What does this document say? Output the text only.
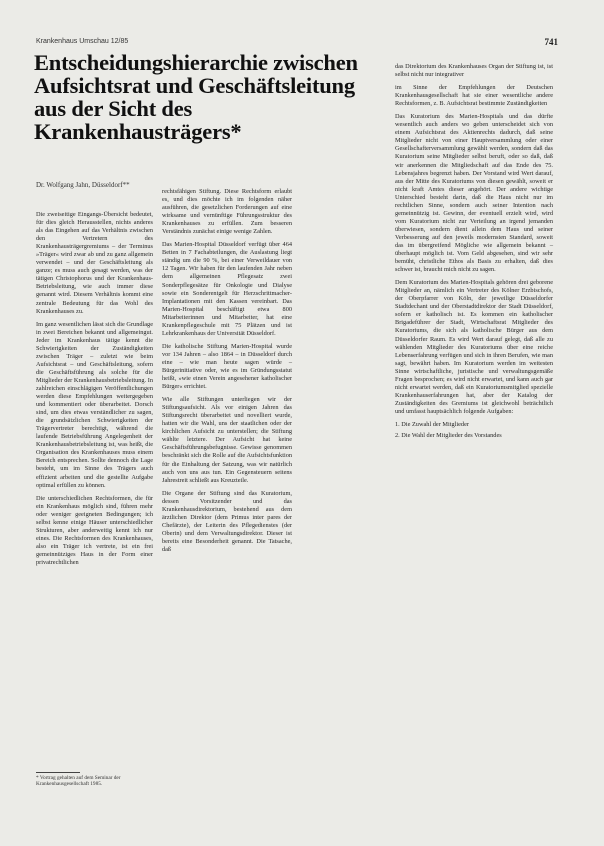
Krankenhaus Umschau 12/85	741
Entscheidungshierarchie zwischen Aufsichtsrat und Geschäftsleitung aus der Sicht des Krankenhausträgers*
Dr. Wolfgang Jahn, Düsseldorf**

Die zweiseitige Eingangs-Übersicht bedeutet, für dies gleich Herausstellen, nichts anderes als das Eingehen auf das Verhältnis zwischen den Vertretern des Krankenhausträgergremiums – der Terminus »Träger« wird zwar ab und zu ganz allgemein verwendet – und der Geschäftsleitung als ganze; es muss auch gesagt werden, was der tätigen Christophorus und der Krankenhaus-Betriebsleitung, wie auch immer diese genannt wird. Diesem Verhältnis kommt eine zentrale Bedeutung für das Wohl des Krankenhauses zu.

Im ganz wesentlichen lässt sich die Grundlage in zwei Bereichen bekannt und allgemeingut. Jeder im Krankenhaus tätige kennt die Schwierigkeiten der Zuständigkeiten zwischen Träger – zuletzt wie beim Aufsichtsrat – und Geschäftsleitung, sofern die Geschäftsführung als solche für die Mitglieder der Krankenhausbetriebsleitung. In zahlreichen einschlägigen Veröffentlichungen werden diese Empfehlungen weitergegeben und kommentiert oder überarbeitet. Dorsch sind, um dies etwas verständlicher zu sagen, die grundsätzlichen Schwierigkeiten der Trägervertreter berechtigt, während die laufende Betriebsführung Angelegenheit der Krankenhausbetriebsleitung ist, was heißt, die Organisation des Krankenhauses muss einem Bereich entsprechen. Sollte dennoch die Lage besteht, um im Sinne des Trägers auch effizient arbeiten und die gestellte Aufgabe optimal erfüllen zu können.

Die unterschiedlichen Rechtsformen, die für ein Krankenhaus möglich sind, führen mehr oder weniger geeigneten Bedingungen; ich selbst kenne einige Häuser unterschiedlicher Strukturen, aber anderweitig kennt ich nur eines. Die Rechtsformen des Krankenhauses, also ein Träger ich vertrete, ist ein frei gemeinnütziges Haus in der Form einer privatrechtlichen

rechtsfähigen Stiftung. Diese Rechtsform erlaubt es, und dies möchte ich im folgenden näher ausführen, die gesetzlichen Forderungen auf eine wirksame und vernünftige Führungsstruktur des Krankenhauses zu erfüllen. Zum besseren Verständnis zunächst einige wenige Zahlen.

Das Marien-Hospital Düsseldorf verfügt über 464 Betten in 7 Fachabteilungen, die Auslastung liegt ständig um die 90 %, bei einer Verweildauer von 12 Tagen. Wir haben für den laufenden Jahr neben dem allgemeinen Pflegesatz zwei Sonderpflegesätze für Onkologie und Dialyse sowie ein Sonderentgelt für Herzschrittmacher-Implantationen mit den Kassen vereinbart. Das Marien-Hospital beschäftigt etwa 800 Mitarbeiterinnen und Mitarbeiter, hat eine Krankenpflegeschule mit 75 Plätzen und ist Lehrkrankenhaus der Universität Düsseldorf.

Die katholische Stiftung Marien-Hospital wurde vor 134 Jahren – also 1864 – in Düsseldorf durch eine – wie man heute sagen würde – Bürgerinitiative oder, wie es im Gründungsstatut heißt, »wie einen Verein angesehener katholischer Bürger« errichtet.

Wie alle Stiftungen unterliegen wir der Stiftungsaufsicht. Als vor einigen Jahren das Stiftungsrecht überarbeitet und novelliert wurde, hatten wir die Wahl, uns der staatlichen oder der kirchlichen Aufsicht zu unterstellen; die Stiftung wählte letztere. Der Aufsicht hat keine Geschäftsführungsbefugnisse. Gewisse genommen beschränkt sich die Rolle auf die Aufsichtsfunktion für die Einhaltung der Satzung, was wir natürlich auch von uns aus tun. Ein Gegensteuern seitens Jahrestreit schließt aus Kreuzteile.

Die Organe der Stiftung sind das Kuratorium, dessen Vorsitzender und das Krankenhausdirektorium, bestehend aus dem ärztlichen Direktor (dem Primus inter pares der Chefärzte), der Leiterin des Pflegedienstes (der Oberin) und dem Verwaltungsdirektor. Dieser ist bereits eine Besonderheit genannt. Die Tatsache, daß

das Direktorium des Krankenhauses Organ der Stiftung ist, ist selbst nicht nur integrativer

im Sinne der Empfehlungen der Deutschen Krankenhausgesellschaft hat sie einer wesentliche andere Rechtsformen, z. B. Aufsichtsrat bestimmte Zuständigkeiten

Das Kuratorium des Marien-Hospitals und das dürfte wesentlich auch anders wo geben unterscheidet sich von einem Aufsichtsrat des Aktienrechts dadurch, daß seine Mitglieder nicht von einer Hauptversammlung oder einer Gesellschafterversammlung gewählt werden, sondern daß das Kuratorium seine Mitglieder selbst beruft, oder so daß, daß wir anerkennen die Mitgliedschaft auf das Ende des 75. Lebensjahres begrenzt haben. Der Vorstand wird Wert darauf, aus der Mitte des Kuratoriums von diesen gewählt, soweit er nicht kraft Amtes dieser angehört. Der andere wichtige Unterschied besteht darin, daß die Haus nicht nur im rechtlichen Sinne, sondern auch seiner Intention nach gemeinnützig ist. Gewinn, der eventuell erzielt wird, wird vom Kuratorium nicht zur Verteilung an irgend jemanden überwiesen, sondern dient allein dem Haus und seiner Verbesserung auf den jeweils modernsten Standard, soweit das im übergreifend Mögliche wie allgemein bekannt – überhaupt möglich ist. Vom Geld abgesehen, sind wir sehr bemüht, christliche Ethos als Basis zu erhalten, daß dies schwer ist, braucht mich nicht zu sagen.

Dem Kuratorium des Marien-Hospitals gehören drei geborene Mitglieder an, nämlich ein Vertreter des Kölner Erzbischofs, der Oberpfarrer von Köln, der jeweilige Düsseldorfer Stadtdechant und der Oberstadtdirektor der Stadt Düsseldorf, sofern er katholisch ist. Es kommen ein katholischer Brigadeführer der Stadt, Wirtschaftsrat Mitglieder des Kuratoriums, die sich als katholische Bürger aus dem Düsseldorfer Raum. Es wird Wert darauf gelegt, daß alle zu wählenden Mitglieder des Kuratoriums über eine reiche Lebenserfahrung verfügen und sich in ihren Berufen, wie man sagt, bewährt haben. Im Kuratorium werden im weitesten Sinne wirtschaftliche, juristische und verwaltungsgemäße Fragen besprochen; es wird nicht erwartet, und kann auch gar nicht erwartet werden, daß ein Kuratoriumsmitglied spezielle Krankenhauserfahrungen hat, aber der Katalog der Zuständigkeiten des Gremiums ist gleichwohl beträchtlich und umfasst hauptsächlich folgende Aufgaben:

1. Die Zuwahl der Mitglieder
2. Die Wahl der Mitglieder des Vorstandes
* Vortrag gehalten auf dem Seminar der Krankenhausgesellschaft 1985.
